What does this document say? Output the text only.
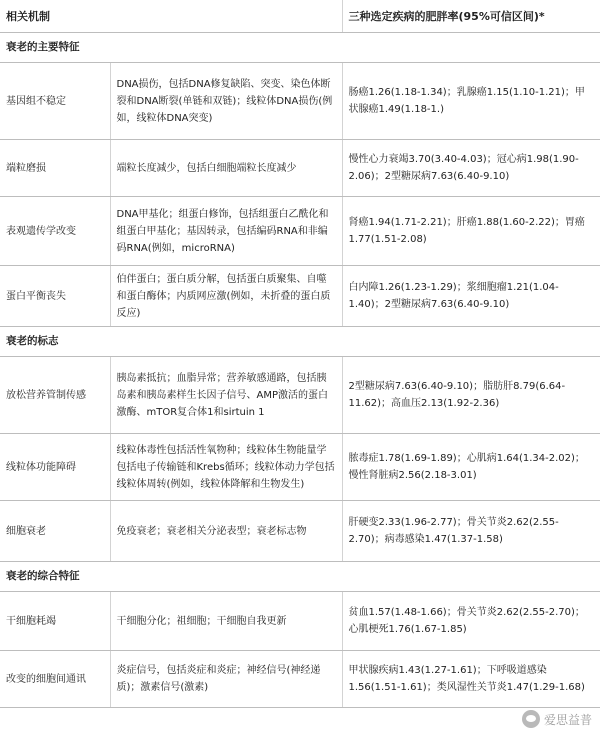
相关机制		三种选定疾病的肥胖率(95%可信区间)*
衰老的主要特征		
基因组不稳定	DNA损伤，包括DNA修复缺陷、突变、染色体断裂和DNA断裂(单链和双链)；线粒体DNA损伤(例如，线粒体DNA突变)	肠癌1.26(1.18-1.34)；乳腺癌1.15(1.10-1.21)；甲状腺癌1.49(1.18-1.)
端粒磨损	端粒长度减少，包括白细胞端粒长度减少	慢性心力衰竭3.70(3.40-4.03)；冠心病1.98(1.90-2.06)；2型糖尿病7.63(6.40-9.10)
表观遗传学改变	DNA甲基化；组蛋白修饰，包括组蛋白乙酰化和组蛋白甲基化；基因转录，包括编码RNA和非编码RNA(例如，microRNA)	肾癌1.94(1.71-2.21)；肝癌1.88(1.60-2.22)；胃癌1.77(1.51-2.08)
蛋白平衡丧失	伯伴蛋白；蛋白质分解，包括蛋白质聚集、自噬和蛋白酶体；内质网应激(例如，未折叠的蛋白质反应)	白内障1.26(1.23-1.29)；浆细胞瘤1.21(1.04-1.40)；2型糖尿病7.63(6.40-9.10)
衰老的标志		
放松营养管制传感	胰岛素抵抗；血脂异常；营养敏感通路，包括胰岛素和胰岛素样生长因子信号、AMP激活的蛋白激酶、mTOR复合体1和sirtuin 1	2型糖尿病7.63(6.40-9.10)；脂肪肝8.79(6.64-11.62)；高血压2.13(1.92-2.36)
线粒体功能障碍	线粒体毒性包括活性氧物种；线粒体生物能量学包括电子传输链和Krebs循环；线粒体动力学包括线粒体周转(例如，线粒体降解和生物发生)	脓毒症1.78(1.69-1.89)；心肌病1.64(1.34-2.02)；慢性肾脏病2.56(2.18-3.01)
细胞衰老	免疫衰老；衰老相关分泌表型；衰老标志物	肝硬变2.33(1.96-2.77)；骨关节炎2.62(2.55-2.70)；病毒感染1.47(1.37-1.58)
衰老的综合特征		
干细胞耗竭	干细胞分化；祖细胞；干细胞自我更新	贫血1.57(1.48-1.66)；骨关节炎2.62(2.55-2.70)；心肌梗死1.76(1.67-1.85)
改变的细胞间通讯	炎症信号，包括炎症和炎症；神经信号(神经递质)；激素信号(激素)	甲状腺疾病1.43(1.27-1.61)；下呼吸道感染1.56(1.51-1.61)；类风湿性关节炎1.47(1.29-1.68)
爱思益普
